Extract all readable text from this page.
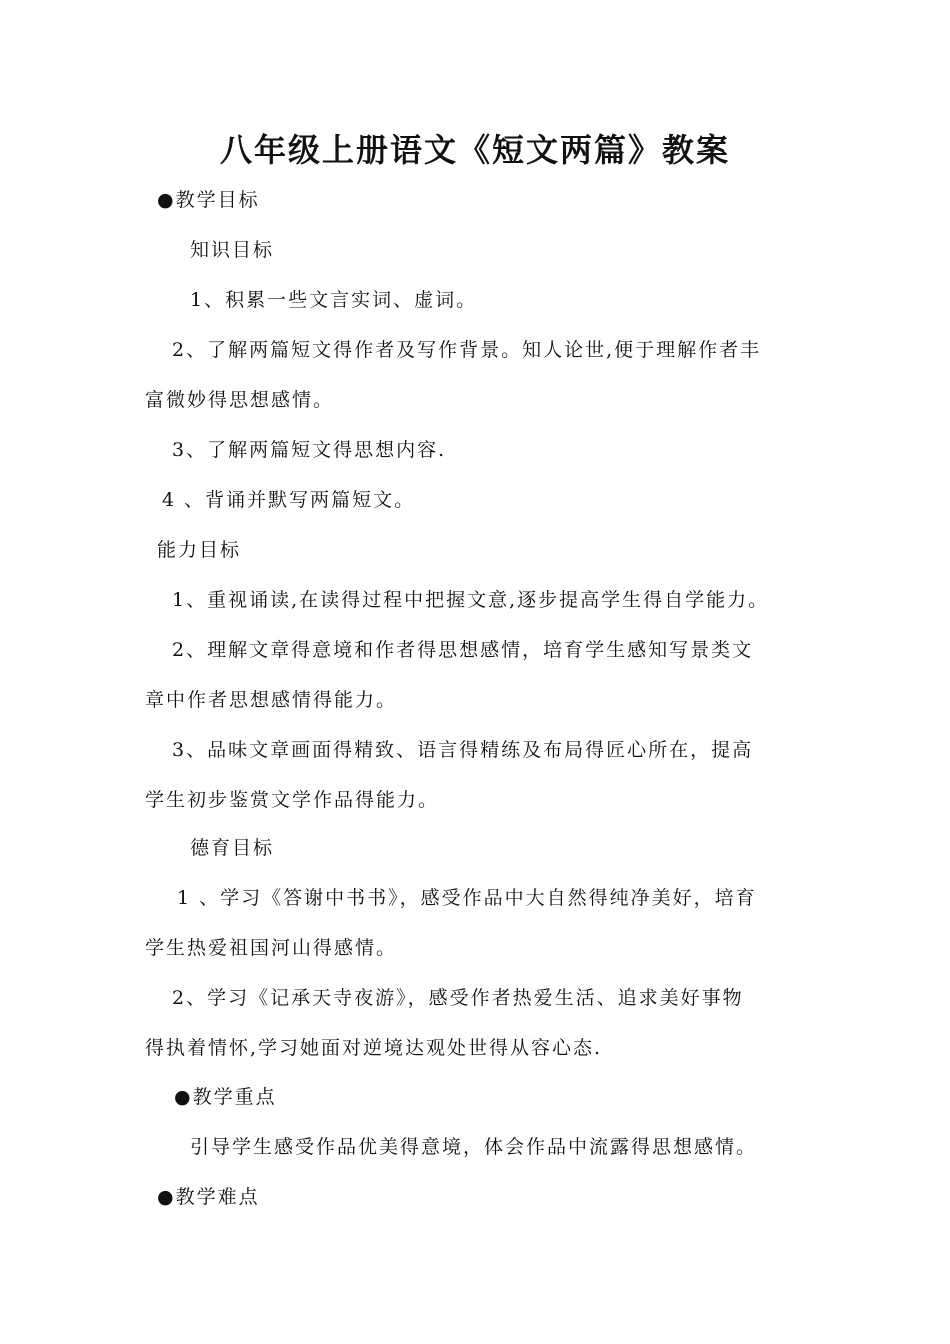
八年级上册语文《短文两篇》教案
●教学目标
知识目标
1、积累一些文言实词、虚词。
2、了解两篇短文得作者及写作背景。知人论世,便于理解作者丰
富微妙得思想感情。
3、了解两篇短文得思想内容.
4 、背诵并默写两篇短文。
能力目标
1、重视诵读,在读得过程中把握文意,逐步提高学生得自学能力。
2、理解文章得意境和作者得思想感情，培育学生感知写景类文
章中作者思想感情得能力。
3、品味文章画面得精致、语言得精练及布局得匠心所在，提高
学生初步鉴赏文学作品得能力。
德育目标
1 、学习《答谢中书书》，感受作品中大自然得纯净美好，培育
学生热爱祖国河山得感情。
2、学习《记承天寺夜游》，感受作者热爱生活、追求美好事物
得执着情怀,学习她面对逆境达观处世得从容心态.
●教学重点
引导学生感受作品优美得意境，体会作品中流露得思想感情。
●教学难点
